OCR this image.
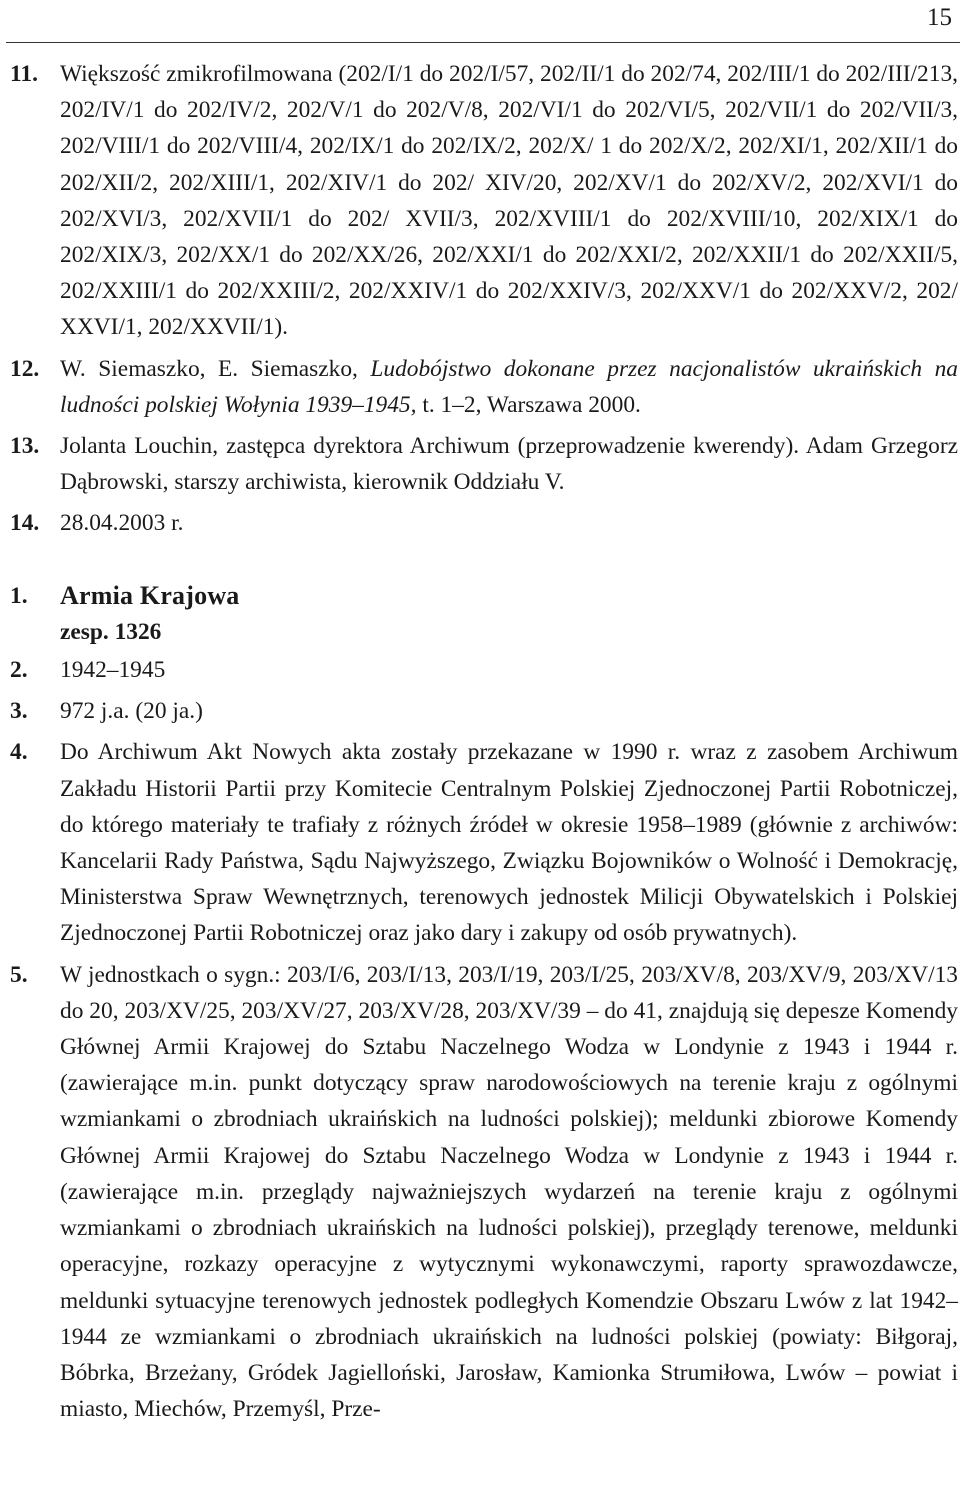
15
11. Większość zmikrofilmowana (202/I/1 do 202/I/57, 202/II/1 do 202/74, 202/III/1 do 202/III/213, 202/IV/1 do 202/IV/2, 202/V/1 do 202/V/8, 202/VI/1 do 202/VI/5, 202/VII/1 do 202/VII/3, 202/VIII/1 do 202/VIII/4, 202/IX/1 do 202/IX/2, 202/X/ 1 do 202/X/2, 202/XI/1, 202/XII/1 do 202/XII/2, 202/XIII/1, 202/XIV/1 do 202/ XIV/20, 202/XV/1 do 202/XV/2, 202/XVI/1 do 202/XVI/3, 202/XVII/1 do 202/ XVII/3, 202/XVIII/1 do 202/XVIII/10, 202/XIX/1 do 202/XIX/3, 202/XX/1 do 202/XX/26, 202/XXI/1 do 202/XXI/2, 202/XXII/1 do 202/XXII/5, 202/XXIII/1 do 202/XXIII/2, 202/XXIV/1 do 202/XXIV/3, 202/XXV/1 do 202/XXV/2, 202/ XXVI/1, 202/XXVII/1).

12. W. Siemaszko, E. Siemaszko, Ludobójstwo dokonane przez nacjonalistów ukraińskich na ludności polskiej Wołynia 1939–1945, t. 1–2, Warszawa 2000.

13. Jolanta Louchin, zastępca dyrektora Archiwum (przeprowadzenie kwerendy). Adam Grzegorz Dąbrowski, starszy archiwista, kierownik Oddziału V.

14. 28.04.2003 r.

1. Armia Krajowa

zesp. 1326

2. 1942–1945

3. 972 j.a. (20 ja.)

4. Do Archiwum Akt Nowych akta zostały przekazane w 1990 r. wraz z zasobem Archiwum Zakładu Historii Partii przy Komitecie Centralnym Polskiej Zjednoczonej Partii Robotniczej, do którego materiały te trafiały z różnych źródeł w okresie 1958–1989 (głównie z archiwów: Kancelarii Rady Państwa, Sądu Najwyższego, Związku Bojowników o Wolność i Demokrację, Ministerstwa Spraw Wewnętrznych, terenowych jednostek Milicji Obywatelskich i Polskiej Zjednoczonej Partii Robotniczej oraz jako dary i zakupy od osób prywatnych).

5. W jednostkach o sygn.: 203/I/6, 203/I/13, 203/I/19, 203/I/25, 203/XV/8, 203/XV/9, 203/XV/13 do 20, 203/XV/25, 203/XV/27, 203/XV/28, 203/XV/39 – do 41, znajdują się depesze Komendy Głównej Armii Krajowej do Sztabu Naczelnego Wodza w Londynie z 1943 i 1944 r. (zawierające m.in. punkt dotyczący spraw narodowościowych na terenie kraju z ogólnymi wzmiankami o zbrodniach ukraińskich na ludności polskiej); meldunki zbiorowe Komendy Głównej Armii Krajowej do Sztabu Naczelnego Wodza w Londynie z 1943 i 1944 r. (zawierające m.in. przeglądy najważniejszych wydarzeń na terenie kraju z ogólnymi wzmiankami o zbrodniach ukraińskich na ludności polskiej), przeglądy terenowe, meldunki operacyjne, rozkazy operacyjne z wytycznymi wykonawczymi, raporty sprawozdawcze, meldunki sytuacyjne terenowych jednostek podległych Komendzie Obszaru Lwów z lat 1942–1944 ze wzmiankami o zbrodniach ukraińskich na ludności polskiej (powiaty: Biłgoraj, Bóbrka, Brzeżany, Gródek Jagielloński, Jarosław, Kamionka Strumiłowa, Lwów – powiat i miasto, Miechów, Przemyśl, Prze-
